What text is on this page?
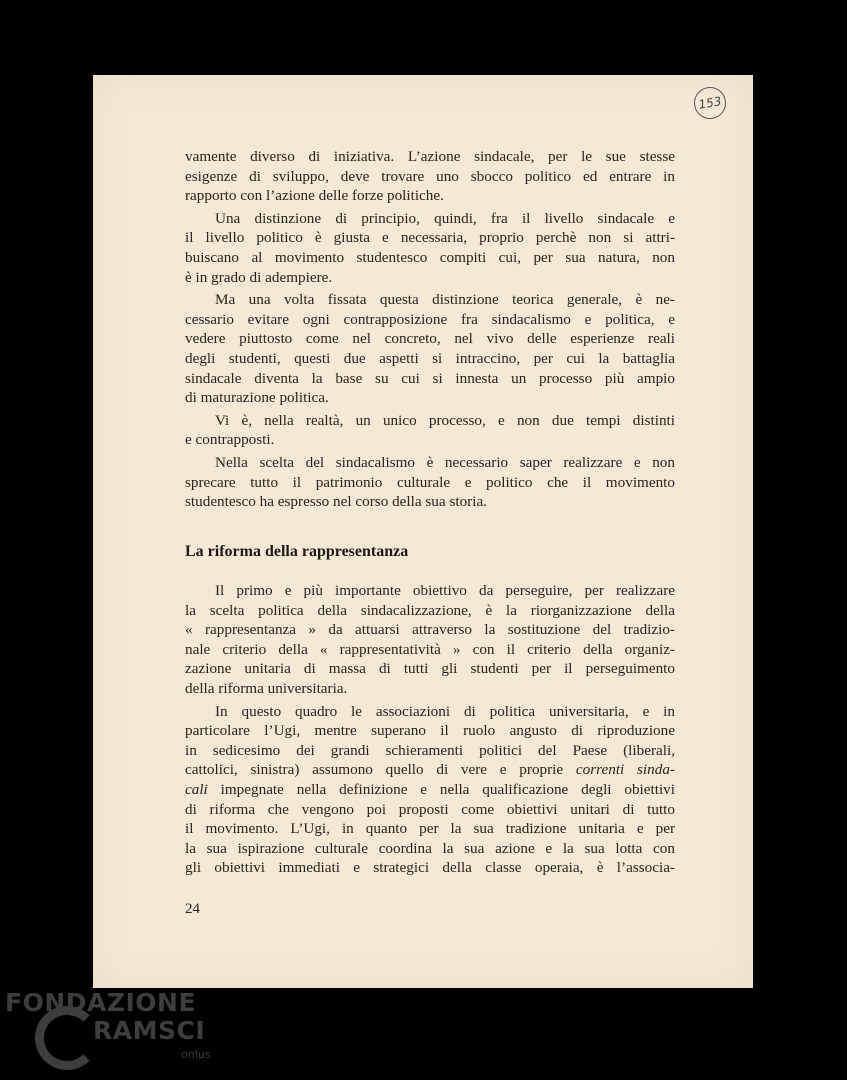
153
vamente diverso di iniziativa. L’azione sindacale, per le sue stesse
esigenze di sviluppo, deve trovare uno sbocco politico ed entrare in
rapporto con l’azione delle forze politiche.
Una distinzione di principio, quindi, fra il livello sindacale e
il livello politico è giusta e necessaria, proprio perchè non si attri-
buiscano al movimento studentesco compiti cui, per sua natura, non
è in grado di adempiere.
Ma una volta fissata questa distinzione teorica generale, è ne-
cessario evitare ogni contrapposizione fra sindacalismo e politica, e
vedere piuttosto come nel concreto, nel vivo delle esperienze reali
degli studenti, questi due aspetti si intraccino, per cui la battaglia
sindacale diventa la base su cui si innesta un processo più ampio
di maturazione politica.
Vi è, nella realtà, un unico processo, e non due tempi distinti
e contrapposti.
Nella scelta del sindacalismo è necessario saper realizzare e non
sprecare tutto il patrimonio culturale e politico che il movimento
studentesco ha espresso nel corso della sua storia.
La riforma della rappresentanza
Il primo e più importante obiettivo da perseguire, per realizzare
la scelta politica della sindacalizzazione, è la riorganizzazione della
« rappresentanza » da attuarsi attraverso la sostituzione del tradizio-
nale criterio della « rappresentatività » con il criterio della organiz-
zazione unitaria di massa di tutti gli studenti per il perseguimento
della riforma universitaria.
In questo quadro le associazioni di politica universitaria, e in
particolare l’Ugi, mentre superano il ruolo angusto di riproduzione
in sedicesimo dei grandi schieramenti politici del Paese (liberali,
cattolici, sinistra) assumono quello di vere e proprie correnti sinda-
cali impegnate nella definizione e nella qualificazione degli obiettivi
di riforma che vengono poi proposti come obiettivi unitari di tutto
il movimento. L’Ugi, in quanto per la sua tradizione unitaria e per
la sua ispirazione culturale coordina la sua azione e la sua lotta con
gli obiettivi immediati e strategici della classe operaia, è l’associa-
24
FONDAZIONE
RAMSCI
onlus
